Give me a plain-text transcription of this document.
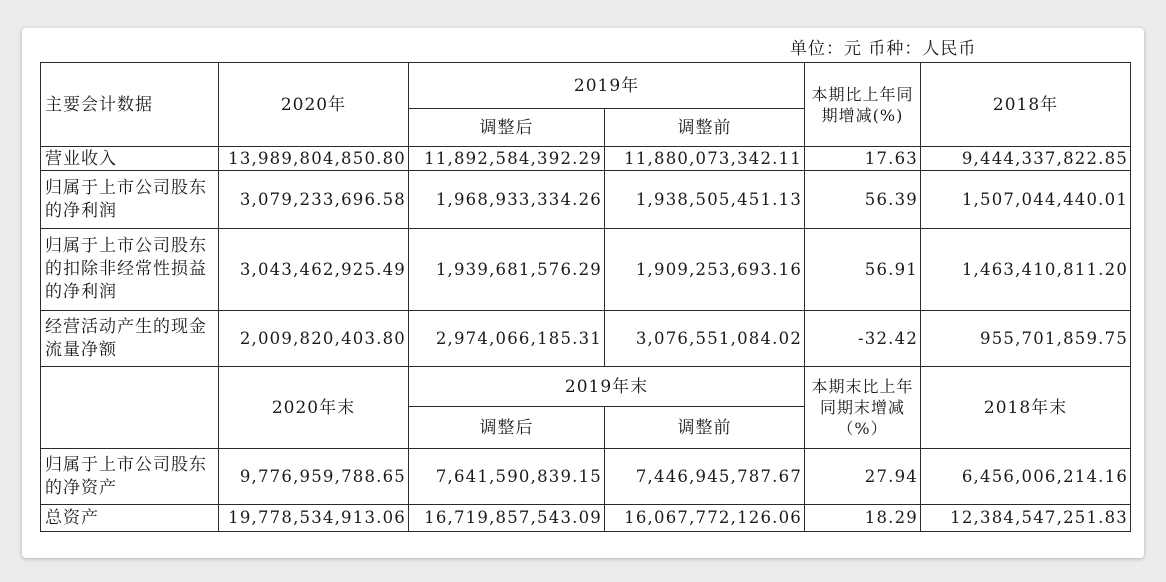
单位：元 币种：人民币
主要会计数据	2020年	2019年		本期比上年同期增减(%)	2018年
		调整后	调整前		
营业收入	13,989,804,850.80	11,892,584,392.29	11,880,073,342.11	17.63	9,444,337,822.85
归属于上市公司股东的净利润	3,079,233,696.58	1,968,933,334.26	1,938,505,451.13	56.39	1,507,044,440.01
归属于上市公司股东的扣除非经常性损益的净利润	3,043,462,925.49	1,939,681,576.29	1,909,253,693.16	56.91	1,463,410,811.20
经营活动产生的现金流量净额	2,009,820,403.80	2,974,066,185.31	3,076,551,084.02	-32.42	955,701,859.75
	2020年末	2019年末		本期末比上年同期末增减（%）	2018年末
		调整后	调整前		
归属于上市公司股东的净资产	9,776,959,788.65	7,641,590,839.15	7,446,945,787.67	27.94	6,456,006,214.16
总资产	19,778,534,913.06	16,719,857,543.09	16,067,772,126.06	18.29	12,384,547,251.83
